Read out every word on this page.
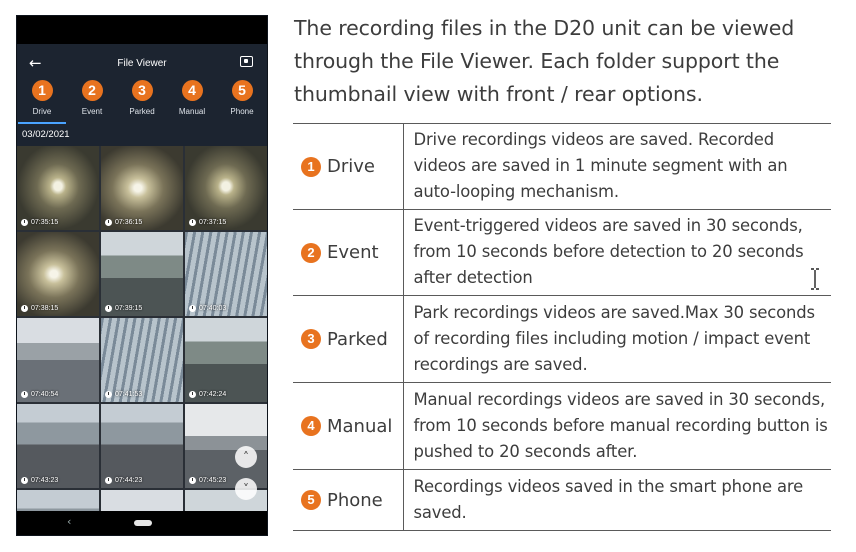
←	File Viewer
1
Drive
2
Event
3
Parked
4
Manual
5
Phone
03/02/2021
07:35:15	07:36:15	07:37:15
07:38:15	07:39:15	07:40:03
07:40:54	07:41:53	07:42:24
07:43:23	07:44:23	07:45:23
˄
˅
‹

The recording files in the D20 unit can be viewed through the File Viewer. Each folder support the thumbnail view with front / rear options.

1 Drive	Drive recordings videos are saved. Recorded videos are saved in 1 minute segment with an auto-looping mechanism.
2 Event	Event-triggered videos are saved in 30 seconds, from 10 seconds before detection to 20 seconds after detection
3 Parked	Park recordings videos are saved.Max 30 seconds of recording files including motion / impact event recordings are saved.
4 Manual	Manual recordings videos are saved in 30 seconds, from 10 seconds before manual recording button is pushed to 20 seconds after.
5 Phone	Recordings videos saved in the smart phone are saved.
